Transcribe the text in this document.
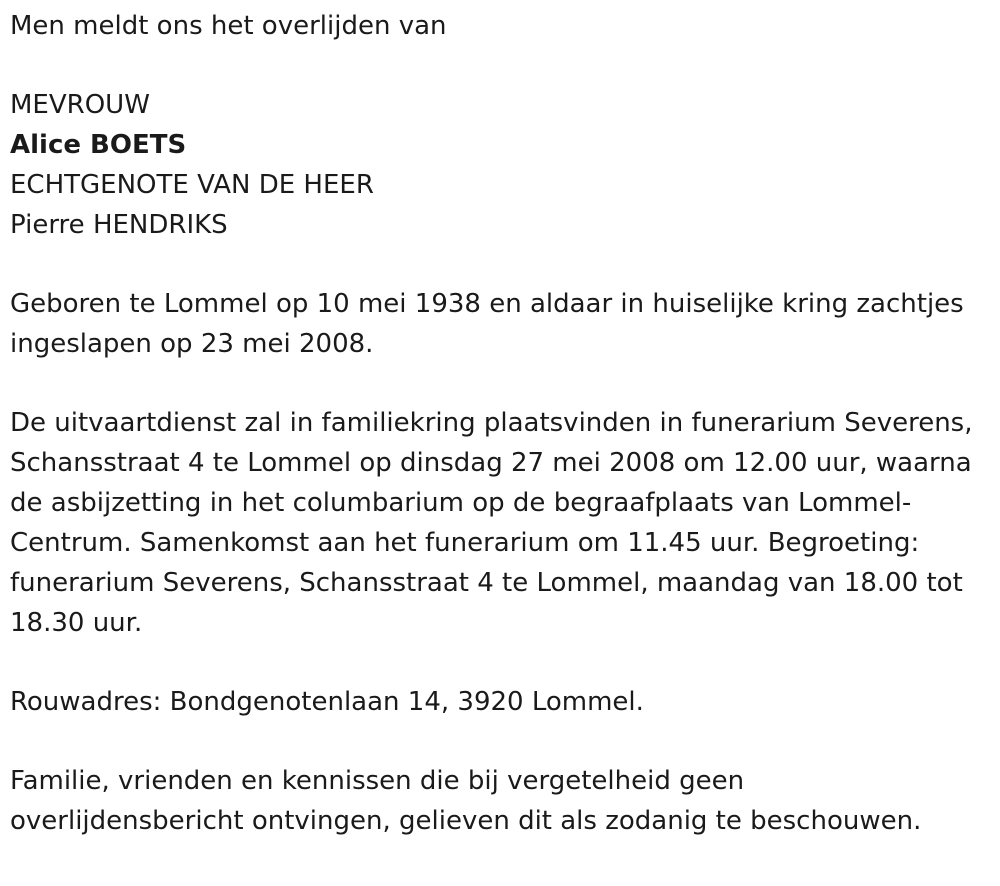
Men meldt ons het overlijden van

MEVROUW

Alice BOETS

ECHTGENOTE VAN DE HEER

Pierre HENDRIKS

Geboren te Lommel op 10 mei 1938 en aldaar in huiselijke kring zachtjes

ingeslapen op 23 mei 2008.

De uitvaartdienst zal in familiekring plaatsvinden in funerarium Severens,

Schansstraat 4 te Lommel op dinsdag 27 mei 2008 om 12.00 uur, waarna

de asbijzetting in het columbarium op de begraafplaats van Lommel-

Centrum. Samenkomst aan het funerarium om 11.45 uur. Begroeting:

funerarium Severens, Schansstraat 4 te Lommel, maandag van 18.00 tot

18.30 uur.

Rouwadres: Bondgenotenlaan 14, 3920 Lommel.

Familie, vrienden en kennissen die bij vergetelheid geen

overlijdensbericht ontvingen, gelieven dit als zodanig te beschouwen.
